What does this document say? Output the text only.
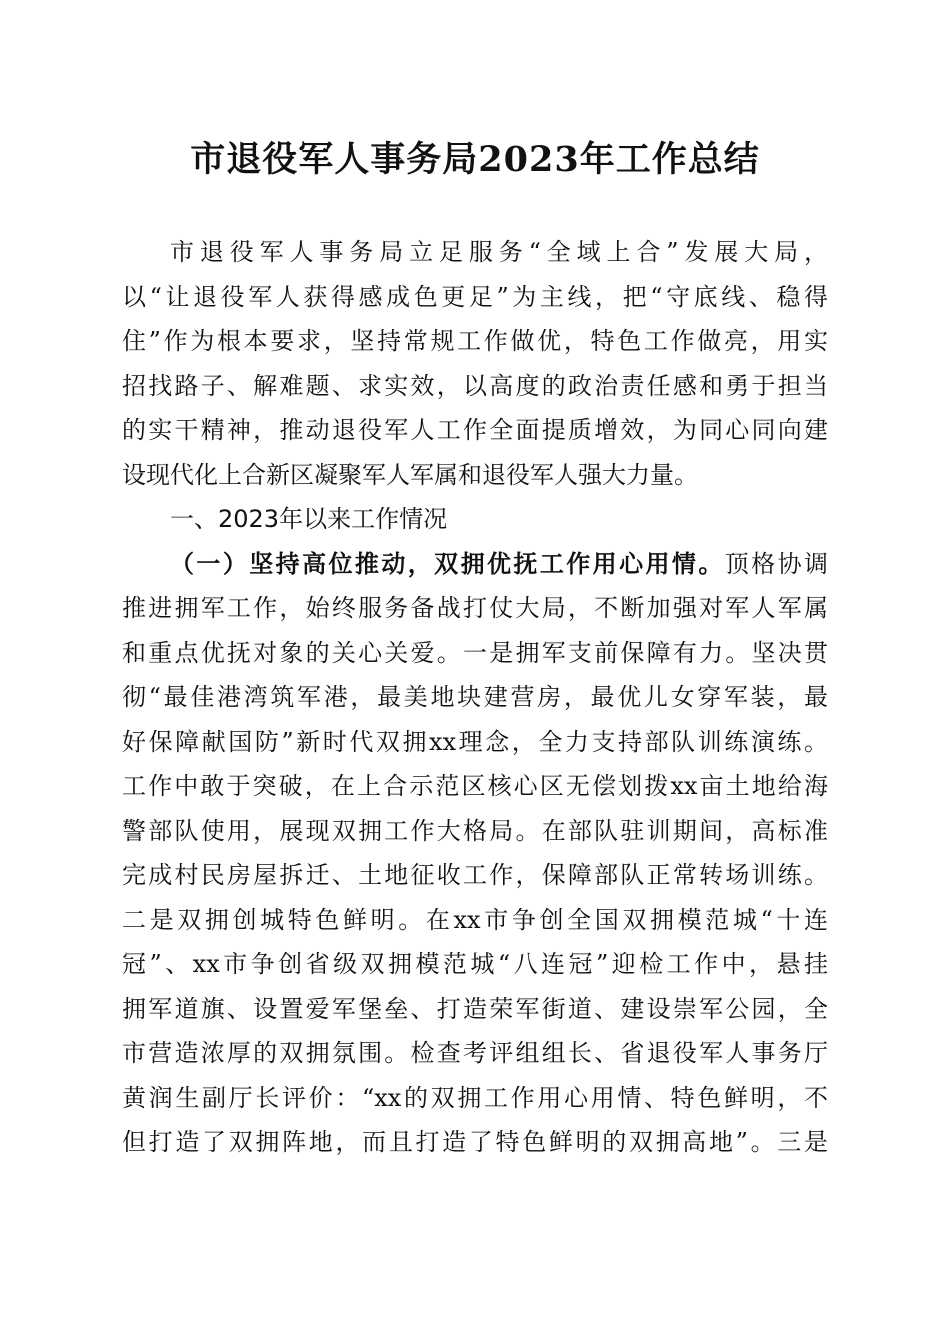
市退役军人事务局2023年工作总结
市退役军人事务局立足服务“全域上合”发展大局，
以“让退役军人获得感成色更足”为主线，把“守底线、稳得
住”作为根本要求，坚持常规工作做优，特色工作做亮，用实
招找路子、解难题、求实效，以高度的政治责任感和勇于担当
的实干精神，推动退役军人工作全面提质增效，为同心同向建
设现代化上合新区凝聚军人军属和退役军人强大力量。
一、2023年以来工作情况
（一）坚持高位推动，双拥优抚工作用心用情。顶格协调
推进拥军工作，始终服务备战打仗大局，不断加强对军人军属
和重点优抚对象的关心关爱。一是拥军支前保障有力。坚决贯
彻“最佳港湾筑军港，最美地块建营房，最优儿女穿军装，最
好保障献国防”新时代双拥xx理念，全力支持部队训练演练。
工作中敢于突破，在上合示范区核心区无偿划拨xx亩土地给海
警部队使用，展现双拥工作大格局。在部队驻训期间，高标准
完成村民房屋拆迁、土地征收工作，保障部队正常转场训练。
二是双拥创城特色鲜明。在xx市争创全国双拥模范城“十连
冠”、xx市争创省级双拥模范城“八连冠”迎检工作中，悬挂
拥军道旗、设置爱军堡垒、打造荣军街道、建设崇军公园，全
市营造浓厚的双拥氛围。检查考评组组长、省退役军人事务厅
黄润生副厅长评价：“xx的双拥工作用心用情、特色鲜明，不
但打造了双拥阵地，而且打造了特色鲜明的双拥高地”。三是
